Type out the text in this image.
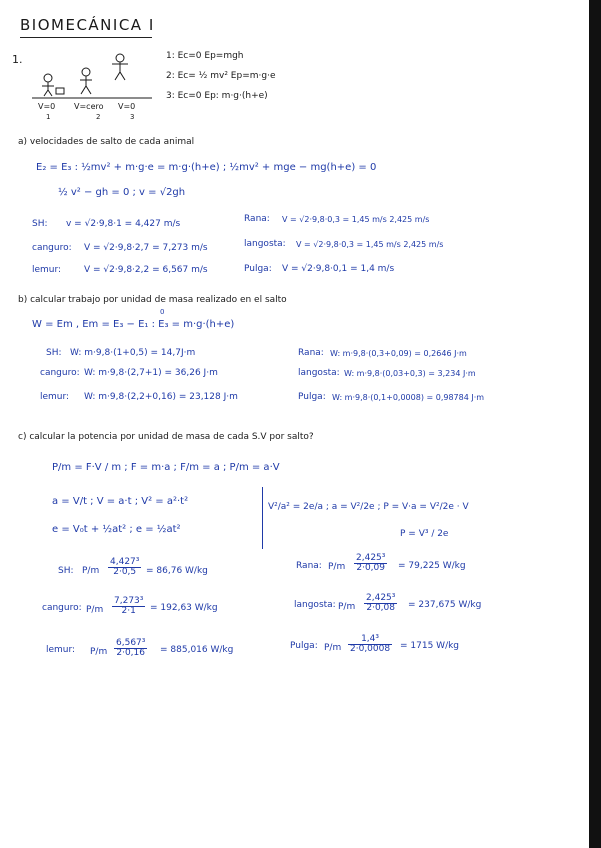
BIOMECÁNICA I
1.
V=0 V=cero V=0
1	2	3
1: Ec=0 Ep=mgh
2: Ec= ½ mv² Ep=m·g·e
3: Ec=0 Ep: m·g·(h+e)
a) velocidades de salto de cada animal
E₂ = E₃ : ½mv² + m·g·e = m·g·(h+e) ; ½mv² + mge − mg(h+e) = 0
½ v² − gh = 0 ; v = √2gh
SH: v = √2·9,8·1 = 4,427 m/s
canguro: V = √2·9,8·2,7 = 7,273 m/s
lemur:	V = √2·9,8·2,2 = 6,567 m/s
Rana: V = √2·9,8·0,3 = 1,45 m/s 2,425 m/s
langosta: V = √2·9,8·0,3 = 1,45 m/s 2,425 m/s
Pulga: V = √2·9,8·0,1 = 1,4 m/s
b) calcular trabajo por unidad de masa realizado en el salto
0
W = Em , Em = E₃ − E₁ : E₃ = m·g·(h+e)
SH: W: m·9,8·(1+0,5) = 14,7J·m
canguro: W: m·9,8·(2,7+1) = 36,26 J·m
lemur: W: m·9,8·(2,2+0,16) = 23,128 J·m
Rana: W: m·9,8·(0,3+0,09) = 0,2646 J·m
langosta: W: m·9,8·(0,03+0,3) = 3,234 J·m
Pulga: W: m·9,8·(0,1+0,0008) = 0,98784 J·m
c) calcular la potencia por unidad de masa de cada S.V por salto?
P/m = F·V / m ; F = m·a ; F/m = a ; P/m = a·V
a = V/t ; V = a·t ; V² = a²·t²
e = V₀t + ½at² ; e = ½at²
V²/a² = 2e/a ; a = V²/2e ; P = V·a = V²/2e · V
P = V³ / 2e
SH: $P/m \frac{\text{4,427³}}{2\cdot 0,5} = 86,76$ W/kg
canguro: $P/m \frac{\text{7,273³}}{2\cdot 1} = 192,63$ W/kg
lemur: $P/m \frac{\text{6,567³}}{2\cdot 0,16} = 885,016$ W/kg
Rana: $P/m \frac{\text{2,425³}}{2\cdot 0,09} = 79,225$ W/kg
langosta: $P/m \frac{\text{2,425³}}{2\cdot 0,08} = 237,675$ W/kg
Pulga: $P/m \frac{\text{1,4³}}{2\cdot 0,0008} = 1715$ W/kg
